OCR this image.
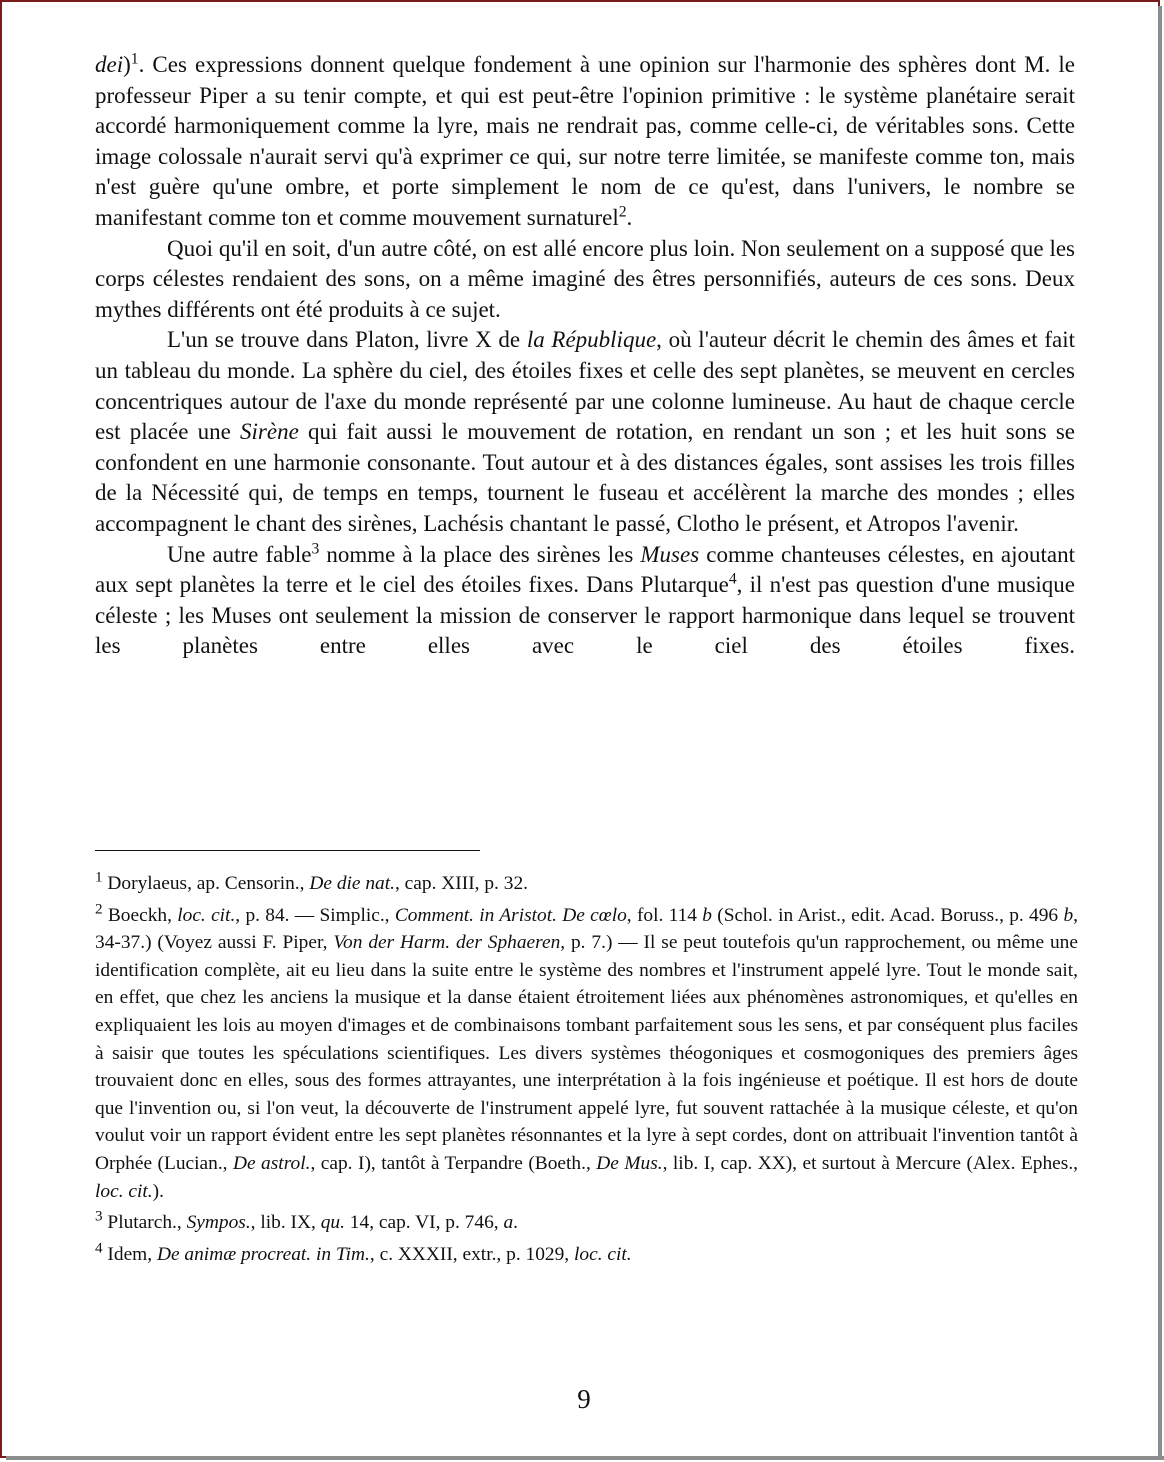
dei)$^1$. Ces expressions donnent quelque fondement à une opinion sur l'harmonie des sphères dont M. le professeur Piper a su tenir compte, et qui est peut-être l'opinion primitive : le système planétaire serait accordé harmoniquement comme la lyre, mais ne rendrait pas, comme celle-ci, de véritables sons. Cette image colossale n'aurait servi qu'à exprimer ce qui, sur notre terre limitée, se manifeste comme ton, mais n'est guère qu'une ombre, et porte simplement le nom de ce qu'est, dans l'univers, le nombre se manifestant comme ton et comme mouvement surnaturel$^2$.

Quoi qu'il en soit, d'un autre côté, on est allé encore plus loin. Non seulement on a supposé que les corps célestes rendaient des sons, on a même imaginé des êtres personnifiés, auteurs de ces sons. Deux mythes différents ont été produits à ce sujet.

L'un se trouve dans Platon, livre X de la République, où l'auteur décrit le chemin des âmes et fait un tableau du monde. La sphère du ciel, des étoiles fixes et celle des sept planètes, se meuvent en cercles concentriques autour de l'axe du monde représenté par une colonne lumineuse. Au haut de chaque cercle est placée une Sirène qui fait aussi le mouvement de rotation, en rendant un son ; et les huit sons se confondent en une harmonie consonante. Tout autour et à des distances égales, sont assises les trois filles de la Nécessité qui, de temps en temps, tournent le fuseau et accélèrent la marche des mondes ; elles accompagnent le chant des sirènes, Lachésis chantant le passé, Clotho le présent, et Atropos l'avenir.

Une autre fable$^3$ nomme à la place des sirènes les Muses comme chanteuses célestes, en ajoutant aux sept planètes la terre et le ciel des étoiles fixes. Dans Plutarque$^4$, il n'est pas question d'une musique céleste ; les Muses ont seulement la mission de conserver le rapport harmonique dans lequel se trouvent les planètes entre elles avec le ciel des étoiles fixes.

$^1$ Dorylaeus, ap. Censorin., De die nat., cap. XIII, p. 32.

$^2$ Boeckh, loc. cit., p. 84. — Simplic., Comment. in Aristot. De cœlo, fol. 114 b (Schol. in Arist., edit. Acad. Boruss., p. 496 b, 34-37.) (Voyez aussi F. Piper, Von der Harm. der Sphaeren, p. 7.) — Il se peut toutefois qu'un rapprochement, ou même une identification complète, ait eu lieu dans la suite entre le système des nombres et l'instrument appelé lyre. Tout le monde sait, en effet, que chez les anciens la musique et la danse étaient étroitement liées aux phénomènes astronomiques, et qu'elles en expliquaient les lois au moyen d'images et de combinaisons tombant parfaitement sous les sens, et par conséquent plus faciles à saisir que toutes les spéculations scientifiques. Les divers systèmes théogoniques et cosmogoniques des premiers âges trouvaient donc en elles, sous des formes attrayantes, une interprétation à la fois ingénieuse et poétique. Il est hors de doute que l'invention ou, si l'on veut, la découverte de l'instrument appelé lyre, fut souvent rattachée à la musique céleste, et qu'on voulut voir un rapport évident entre les sept planètes résonnantes et la lyre à sept cordes, dont on attribuait l'invention tantôt à Orphée (Lucian., De astrol., cap. I), tantôt à Terpandre (Boeth., De Mus., lib. I, cap. XX), et surtout à Mercure (Alex. Ephes., loc. cit.).

$^3$ Plutarch., Sympos., lib. IX, qu. 14, cap. VI, p. 746, a.

$^4$ Idem, De animæ procreat. in Tim., c. XXXII, extr., p. 1029, loc. cit.

9
